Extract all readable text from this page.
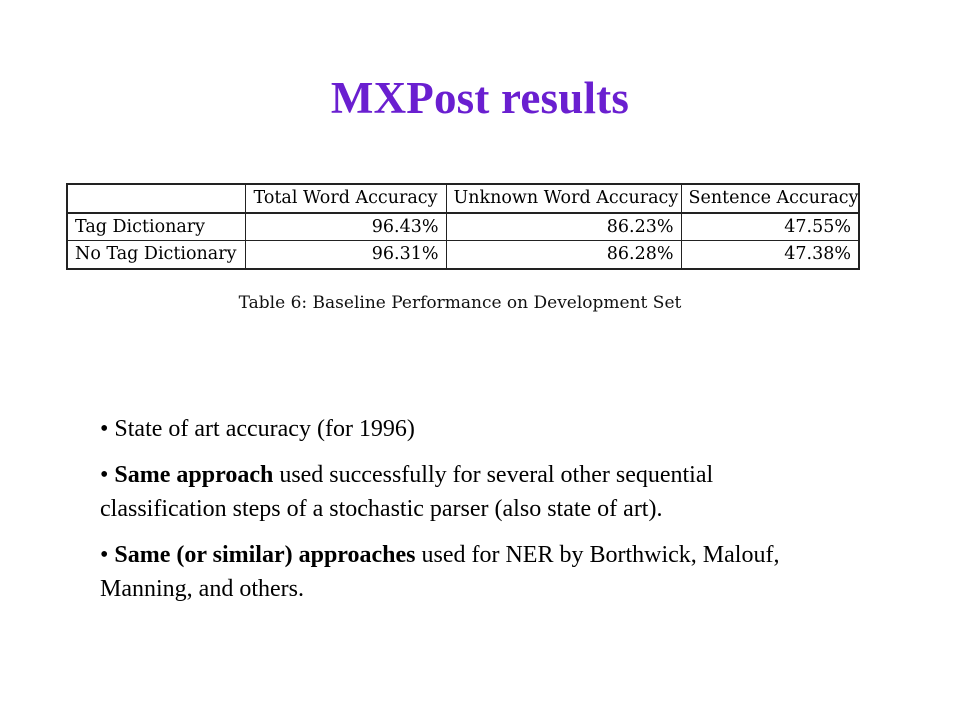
MXPost results
	Total Word Accuracy	Unknown Word Accuracy	Sentence Accuracy
Tag Dictionary	96.43%	86.23%	47.55%
No Tag Dictionary	96.31%	86.28%	47.38%
Table 6: Baseline Performance on Development Set

• State of art accuracy (for 1996)

• Same approach used successfully for several other sequential classification steps of a stochastic parser (also state of art).

• Same (or similar) approaches used for NER by Borthwick, Malouf, Manning, and others.
